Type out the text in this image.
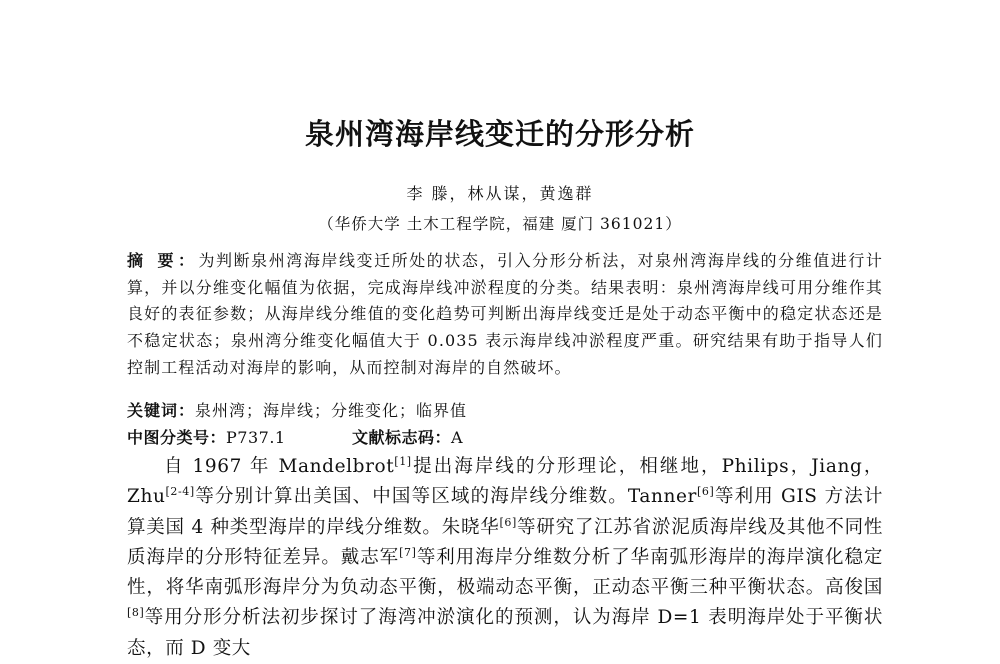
泉州湾海岸线变迁的分形分析
李 滕，林从谋，黄逸群
（华侨大学 土木工程学院，福建 厦门 361021）
摘 要：为判断泉州湾海岸线变迁所处的状态，引入分形分析法，对泉州湾海岸线的分维值进行计算，并以分维变化幅值为依据，完成海岸线冲淤程度的分类。结果表明：泉州湾海岸线可用分维作其良好的表征参数；从海岸线分维值的变化趋势可判断出海岸线变迁是处于动态平衡中的稳定状态还是不稳定状态；泉州湾分维变化幅值大于 0.035 表示海岸线冲淤程度严重。研究结果有助于指导人们控制工程活动对海岸的影响，从而控制对海岸的自然破坏。
关键词：泉州湾；海岸线；分维变化；临界值
中图分类号：P737.1	文献标志码：A
自 1967 年 Mandelbrot[1]提出海岸线的分形理论，相继地，Philips，Jiang，Zhu[2-4]等分别计算出美国、中国等区域的海岸线分维数。Tanner[6]等利用 GIS 方法计算美国 4 种类型海岸的岸线分维数。朱晓华[6]等研究了江苏省淤泥质海岸线及其他不同性质海岸的分形特征差异。戴志军[7]等利用海岸分维数分析了华南弧形海岸的海岸演化稳定性，将华南弧形海岸分为负动态平衡，极端动态平衡，正动态平衡三种平衡状态。高俊国[8]等用分形分析法初步探讨了海湾冲淤演化的预测，认为海岸 D=1 表明海岸处于平衡状态，而 D 变大
